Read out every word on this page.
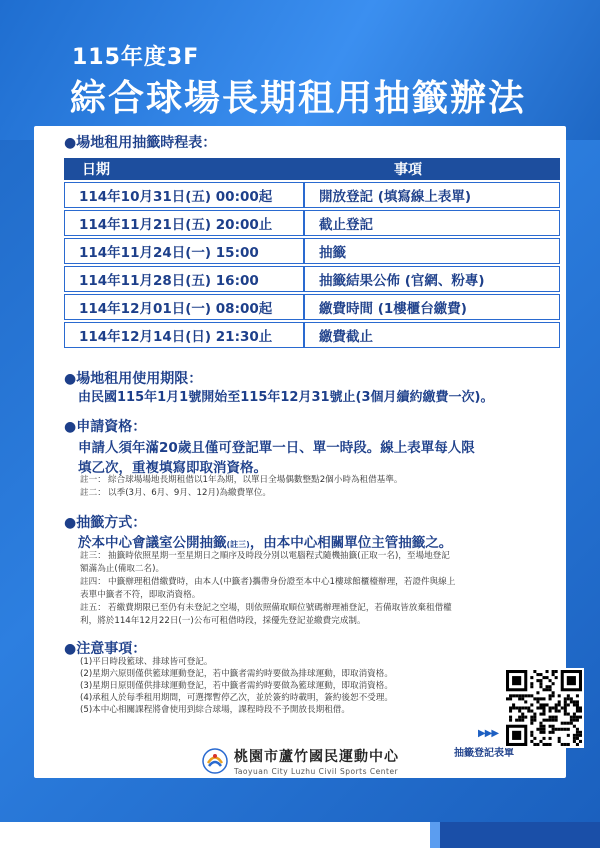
115年度3F
綜合球場長期租用抽籤辦法
●場地租用抽籤時程表：
日期	事項
114年10月31日(五) 00:00起	開放登記 (填寫線上表單)
114年11月21日(五) 20:00止	截止登記
114年11月24日(一) 15:00	抽籤
114年11月28日(五) 16:00	抽籤結果公佈 (官網、粉專)
114年12月01日(一) 08:00起	繳費時間 (1樓櫃台繳費)
114年12月14日(日) 21:30止	繳費截止
●場地租用使用期限：
由民國115年1月1號開始至115年12月31號止(3個月續約繳費一次)。
●申請資格：
申請人須年滿20歲且僅可登記單一日、單一時段。線上表單每人限
填乙次，重複填寫即取消資格。
註一： 綜合球場場地長期租借以1年為期，以單日全場偶數整點2個小時為租借基準。
註二： 以季(3月、6月、9月、12月)為繳費單位。
●抽籤方式：
於本中心會議室公開抽籤(註三)，由本中心相關單位主管抽籤之。
註三： 抽籤時依照星期一至星期日之順序及時段分別以電腦程式隨機抽籤(正取一名)，至場地登記
額滿為止(備取二名)。
註四： 中籤辦理租借繳費時，由本人(中籤者)攜帶身份證至本中心1樓球館櫃檯辦理，若證件與線上
表單中籤者不符，即取消資格。
註五： 若繳費期限已至仍有未登記之空場，則依照備取順位號碼辦理補登記，若備取皆放棄租借權
利，將於114年12月22日(一)公布可租借時段，採優先登記並繳費完成制。
●注意事項：
(1)平日時段籃球、排球皆可登記。
(2)星期六原則僅供籃球運動登記，若中籤者需約時要做為排球運動，即取消資格。
(3)星期日原則僅供排球運動登記，若中籤者需約時要做為籃球運動，即取消資格。
(4)承租人於每季租用期間，可選擇暫停乙次，並於簽約時載明，簽約後恕不受理。
(5)本中心相關課程將會使用到綜合球場，課程時段不予開放長期租借。
桃園市蘆竹國民運動中心
Taoyuan City Luzhu Civil Sports Center
▶▶▶
抽籤登記表單
